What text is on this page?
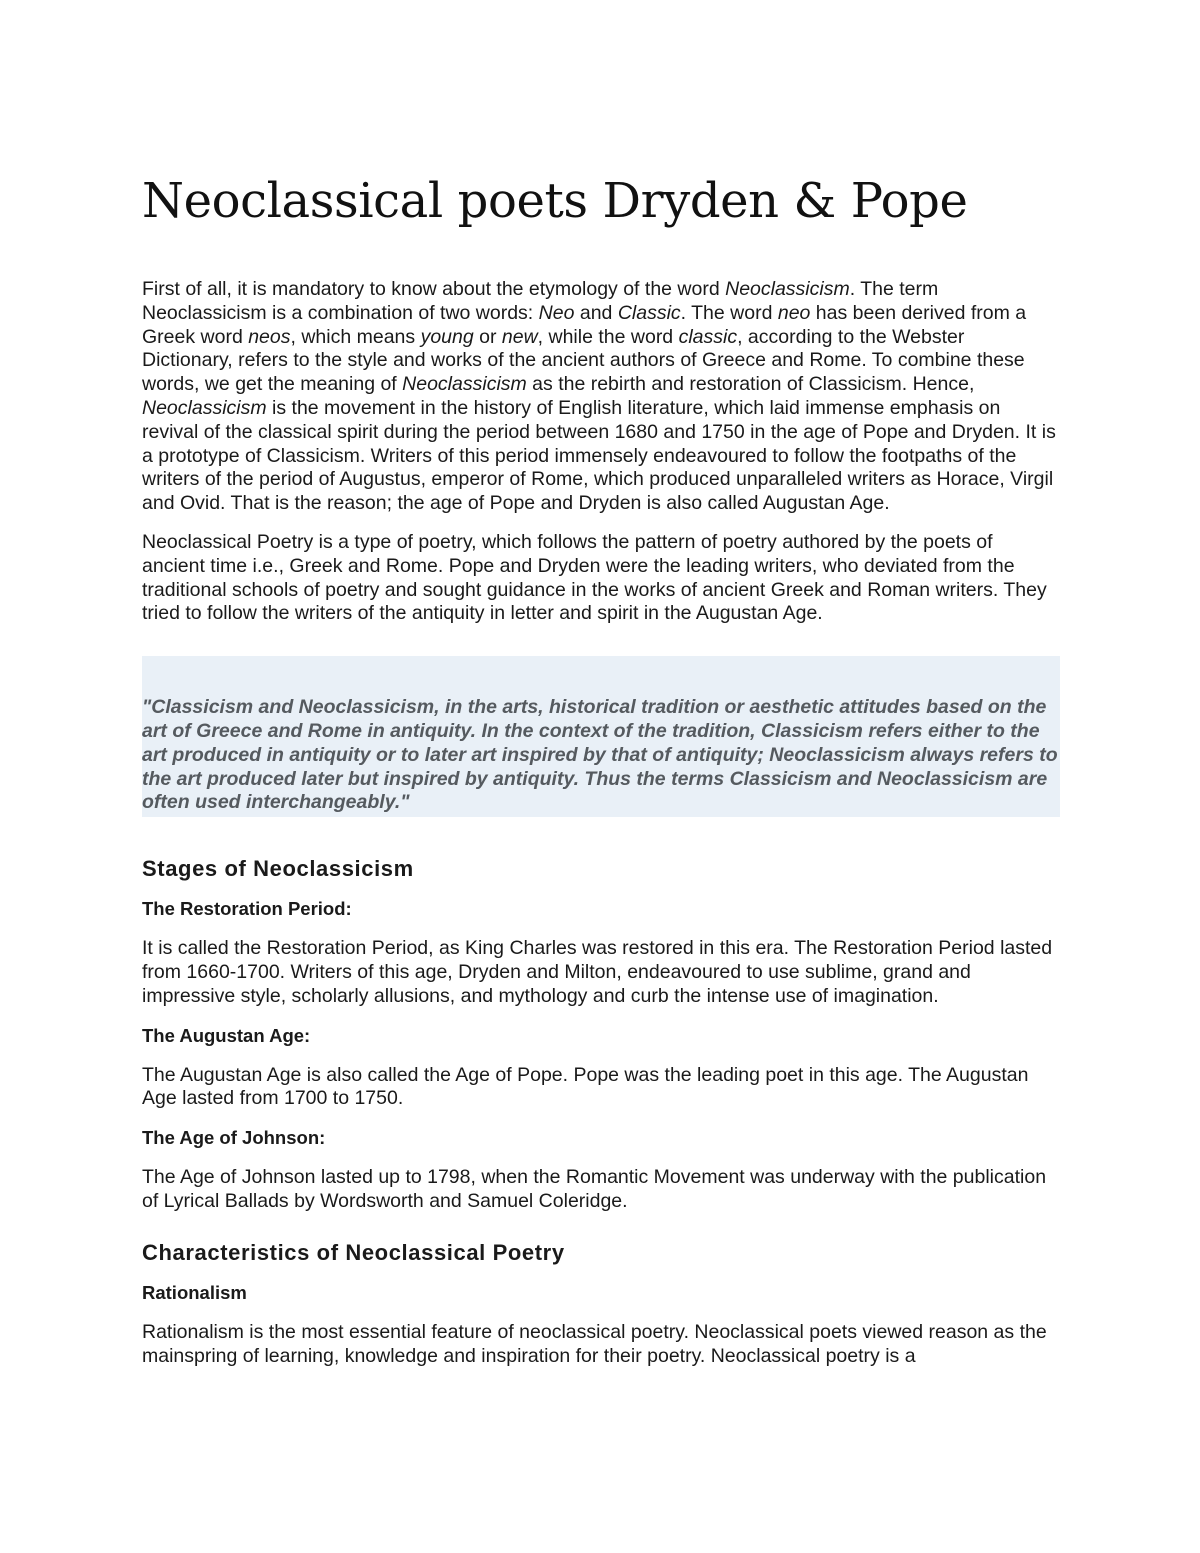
Neoclassical poets Dryden & Pope

First of all, it is mandatory to know about the etymology of the word Neoclassicism. The term Neoclassicism is a combination of two words: Neo and Classic. The word neo has been derived from a Greek word neos, which means young or new, while the word classic, according to the Webster Dictionary, refers to the style and works of the ancient authors of Greece and Rome. To combine these words, we get the meaning of Neoclassicism as the rebirth and restoration of Classicism. Hence, Neoclassicism is the movement in the history of English literature, which laid immense emphasis on revival of the classical spirit during the period between 1680 and 1750 in the age of Pope and Dryden. It is a prototype of Classicism. Writers of this period immensely endeavoured to follow the footpaths of the writers of the period of Augustus, emperor of Rome, which produced unparalleled writers as Horace, Virgil and Ovid. That is the reason; the age of Pope and Dryden is also called Augustan Age.

Neoclassical Poetry is a type of poetry, which follows the pattern of poetry authored by the poets of ancient time i.e., Greek and Rome. Pope and Dryden were the leading writers, who deviated from the traditional schools of poetry and sought guidance in the works of ancient Greek and Roman writers. They tried to follow the writers of the antiquity in letter and spirit in the Augustan Age.

"Classicism and Neoclassicism, in the arts, historical tradition or aesthetic attitudes based on the art of Greece and Rome in antiquity. In the context of the tradition, Classicism refers either to the art produced in antiquity or to later art inspired by that of antiquity; Neoclassicism always refers to the art produced later but inspired by antiquity. Thus the terms Classicism and Neoclassicism are often used interchangeably."

Stages of Neoclassicism
The Restoration Period:

It is called the Restoration Period, as King Charles was restored in this era. The Restoration Period lasted from 1660-1700. Writers of this age, Dryden and Milton, endeavoured to use sublime, grand and impressive style, scholarly allusions, and mythology and curb the intense use of imagination.

The Augustan Age:

The Augustan Age is also called the Age of Pope. Pope was the leading poet in this age. The Augustan Age lasted from 1700 to 1750.

The Age of Johnson:

The Age of Johnson lasted up to 1798, when the Romantic Movement was underway with the publication of Lyrical Ballads by Wordsworth and Samuel Coleridge.

Characteristics of Neoclassical Poetry
Rationalism

Rationalism is the most essential feature of neoclassical poetry. Neoclassical poets viewed reason as the mainspring of learning, knowledge and inspiration for their poetry. Neoclassical poetry is a
